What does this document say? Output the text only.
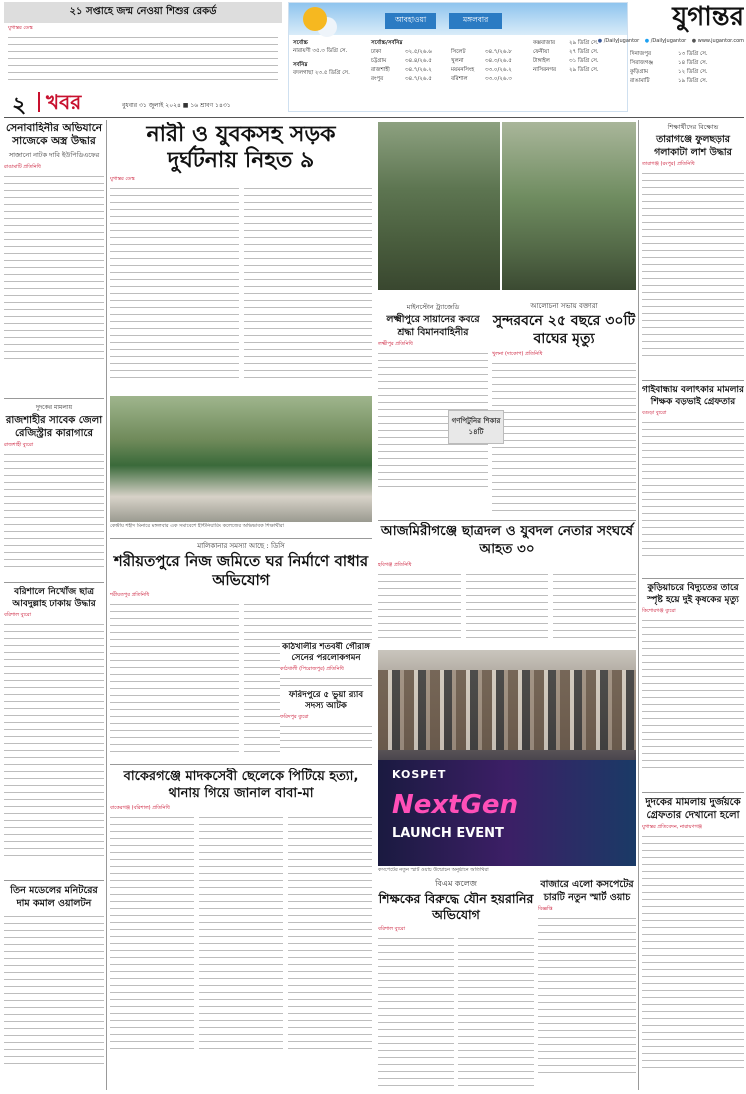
২১ সপ্তাহে জন্ম নেওয়া শিশুর রেকর্ড
যুগান্তর ডেস্ক
আবহাওয়া	মঙ্গলবার
সর্বোচ্চ
নারায়ণী ৩৫.৩ ডিগ্রি সে.
সর্বনিম্ন
বদলগাছা ২৩.৫ ডিগ্রি সে.
সর্বোচ্চ/সর্বনিম্ন
ঢাকা	৩২.৫/২৬.৬	সিলেট	৩৪.৭/২৬.৮
চট্টগ্রাম	৩৪.৪/২৬.৫	খুলনা	৩৪.৩/২৬.৫
রাজশাহী	৩৪.৭/২৬.২	ময়মনসিংহ	৩৩.০/২৬.২
রংপুর	৩৪.৭/২৬.৫	বরিশাল	৩৩.০/২৬.৩
কক্সবাজার	২৯ ডিগ্রি সে.
ফেনীয়া	২৭ ডিগ্রি সে.
টাঙ্গাইল	৩১ ডিগ্রি সে.
নাসিরনগর	২৯ ডিগ্রি সে.
দিনাজপুর	১৩ ডিগ্রি সে.
সিরাজগঞ্জ	১৪ ডিগ্রি সে.
কুড়িগ্রাম	১২ ডিগ্রি সে.
রাঙামাটি	১৯ ডিগ্রি সে.
যুগান্তর
● /DailyJugantor ● /DailyJugantor ● www.jugantor.com
২ খবর	বুধবার ৩১ জুলাই ২০২৪ ■ ১৬ শ্রাবণ ১৪৩১
সেনাবাহিনীর অভিযানে সাজেকে অস্ত্র উদ্ধার
সাজানো নাটক দাবি ইউপিডিএফের
রাঙামাটি প্রতিনিধি
দুদকের মামলায়
রাজশাহীর সাবেক জেলা রেজিস্ট্রার কারাগারে
রাজশাহী ব্যুরো
বরিশালে নিখোঁজ ছাত্র আবদুল্লাহ ঢাকায় উদ্ধার
বরিশাল ব্যুরো
তিন মডেলের মনিটরের দাম কমাল ওয়ালটন
নারী ও যুবকসহ সড়ক
দুর্ঘটনায় নিহত ৯
যুগান্তর ডেস্ক
কেন্দ্রীয় শহীদ মিনারে মঙ্গলবার এক সমাবেশে ইন্টিনিয়ারিং কলেজের অভিভাবক শিক্ষার্থীরা
মালিকানার সমস্যা আছে : ডিসি
শরীয়তপুরে নিজ জমিতে ঘর নির্মাণে বাধার অভিযোগ
শরীয়তপুর প্রতিনিধি
বাকেরগঞ্জে মাদকসেবী ছেলেকে পিটিয়ে হত্যা, থানায় গিয়ে জানাল বাবা-মা
বাকেরগঞ্জ (বরিশাল) প্রতিনিধি
মাইনস্টোন ট্র্যাজেডি
লক্ষ্মীপুরে সায়ানের কবরে শ্রদ্ধা বিমানবাহিনীর
লক্ষ্মীপুর প্রতিনিধি
আলোচনা সভায় বক্তারা
সুন্দরবনে ২৫ বছরে ৩০টি বাঘের মৃত্যু
খুলনা (দাকোপ) প্রতিনিধি
গণপিটুনির শিকার ১৪টি
আজমিরীগঞ্জে ছাত্রদল ও যুবদল নেতার সংঘর্ষে আহত ৩০
হবিগঞ্জ প্রতিনিধি
KOSPET
NextGen
LAUNCH EVENT
কসপেটের নতুন স্মার্ট ওয়াচ উন্মোচন অনুষ্ঠানে অতিথিরা
বিএম কলেজ
শিক্ষকের বিরুদ্ধে যৌন হয়রানির অভিযোগ
বরিশাল ব্যুরো
বাজারে এলো কসপেটের চারটি নতুন স্মার্ট ওয়াচ
বিজ্ঞপ্তি
কাঠখালীর শতবর্ষী গৌরাঙ্গ সেনের পরলোকগমন
কাঠখালী (পিরোজপুর) প্রতিনিধি
ফরিদপুরে ৫ ভুয়া র‍্যাব সদস্য আটক
ফরিদপুর ব্যুরো
শিক্ষার্থীদের বিক্ষোভ
তারাগঞ্জে ফুলছড়ার গলাকাটা লাশ উদ্ধার
তারাগঞ্জ (রংপুর) প্রতিনিধি
গাইবান্ধায় বলাৎকার মামলার শিক্ষক বড়ভাই গ্রেফতার
বগুড়া ব্যুরো
কুড়িয়াচরে বিদ্যুতের তারে স্পৃষ্ট হয়ে দুই কৃষকের মৃত্যু
কিশোরগঞ্জ ব্যুরো
দুদকের মামলায় দুর্জয়কে গ্রেফতার দেখানো হলো
যুগান্তর প্রতিবেদন, নারায়ণগঞ্জ
